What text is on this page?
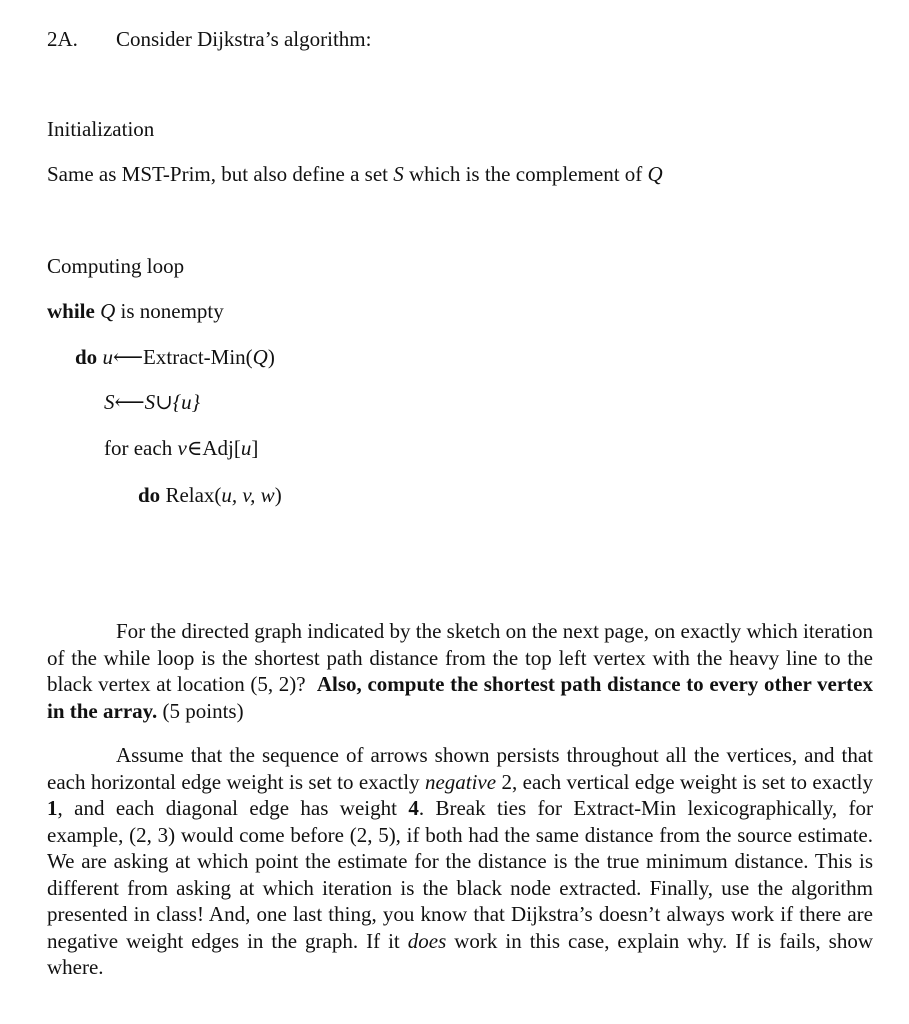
2A. Consider Dijkstra’s algorithm:
Initialization
Same as MST-Prim, but also define a set S which is the complement of Q
Computing loop
while Q is nonempty
do u⟵Extract-Min(Q)
S⟵S∪{u}
for each v∈Adj[u]
do Relax(u, v, w)

For the directed graph indicated by the sketch on the next page, on exactly which iteration of the while loop is the shortest path distance from the top left vertex with the heavy line to the black vertex at location (5, 2)? Also, compute the shortest path distance to every other vertex in the array. (5 points)

Assume that the sequence of arrows shown persists throughout all the vertices, and that each horizontal edge weight is set to exactly negative 2, each vertical edge weight is set to exactly 1, and each diagonal edge has weight 4. Break ties for Extract-Min lexicographically, for example, (2, 3) would come before (2, 5), if both had the same distance from the source estimate. We are asking at which point the estimate for the distance is the true minimum distance. This is different from asking at which iteration is the black node extracted. Finally, use the algorithm presented in class! And, one last thing, you know that Dijkstra’s doesn’t always work if there are negative weight edges in the graph. If it does work in this case, explain why. If is fails, show where.
